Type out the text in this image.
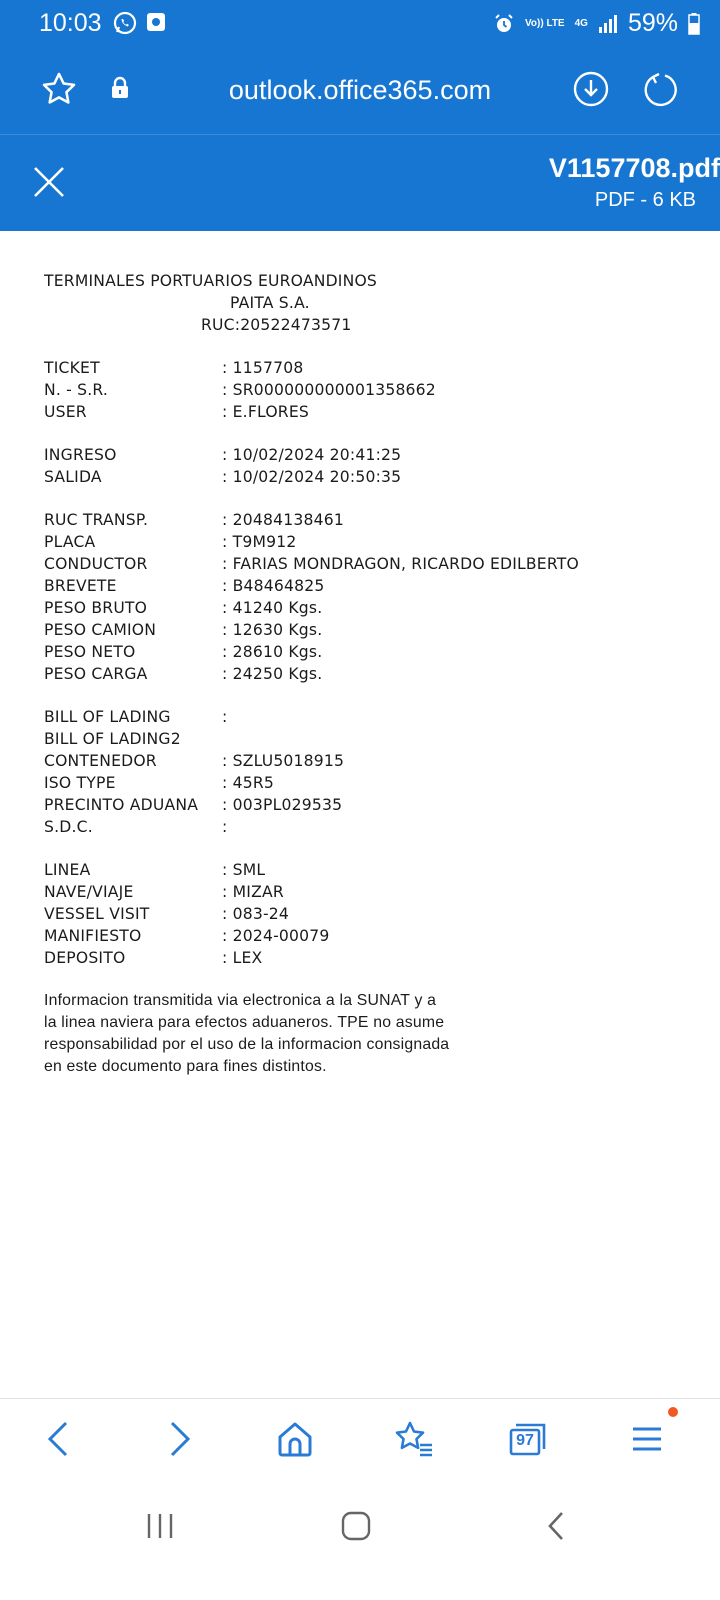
10:03	Vo)) LTE 4G 59%
outlook.office365.com
V1157708.pdf
PDF - 6 KB
TERMINALES PORTUARIOS EUROANDINOS
PAITA S.A.
RUC:20522473571
TICKET	: 1157708
N. - S.R.	: SR000000000001358662
USER	: E.FLORES
INGRESO	: 10/02/2024 20:41:25
SALIDA	: 10/02/2024 20:50:35
RUC TRANSP.	: 20484138461
PLACA	: T9M912
CONDUCTOR	: FARIAS MONDRAGON, RICARDO EDILBERTO
BREVETE	: B48464825
PESO BRUTO	: 41240 Kgs.
PESO CAMION	: 12630 Kgs.
PESO NETO	: 28610 Kgs.
PESO CARGA	: 24250 Kgs.
BILL OF LADING	:
BILL OF LADING2
CONTENEDOR	: SZLU5018915
ISO TYPE	: 45R5
PRECINTO ADUANA : 003PL029535
S.D.C.	:
LINEA	: SML
NAVE/VIAJE	: MIZAR
VESSEL VISIT	: 083-24
MANIFIESTO	: 2024-00079
DEPOSITO	: LEX
Informacion transmitida via electronica a la SUNAT y a
la linea naviera para efectos aduaneros. TPE no asume
responsabilidad por el uso de la informacion consignada
en este documento para fines distintos.
97
